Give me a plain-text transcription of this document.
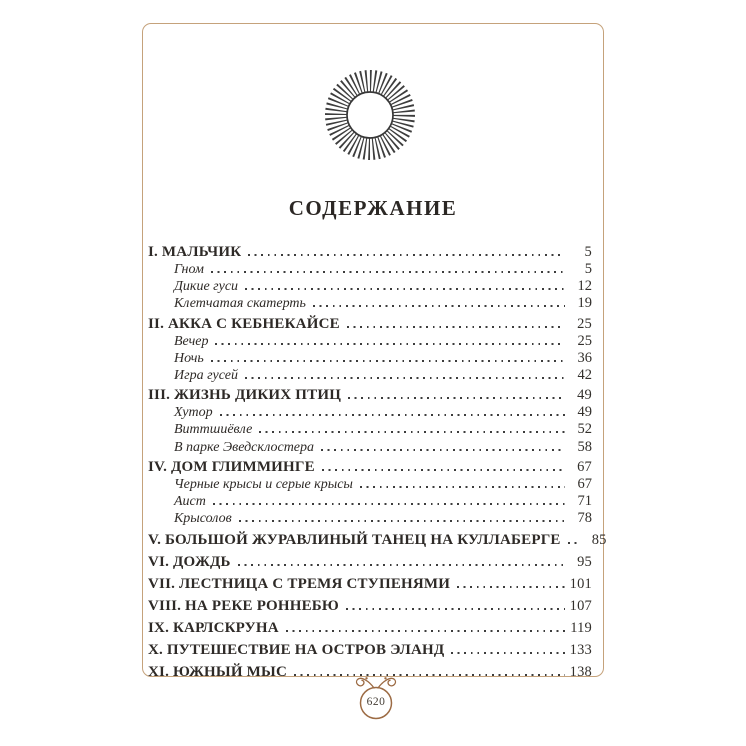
СОДЕРЖАНИЕ
I. МАЛЬЧИК	5
Гном	5
Дикие гуси	12
Клетчатая скатерть	19
II. АККА С КЕБНЕКАЙСЕ	25
Вечер	25
Ночь	36
Игра гусей	42
III. ЖИЗНЬ ДИКИХ ПТИЦ	49
Хутор	49
Виттшиёвле	52
В парке Эведсклостера	58
IV. ДОМ ГЛИММИНГЕ	67
Черные крысы и серые крысы	67
Аист	71
Крысолов	78
V. БОЛЬШОЙ ЖУРАВЛИНЫЙ ТАНЕЦ НА КУЛЛАБЕРГЕ	85
VI. ДОЖДЬ	95
VII. ЛЕСТНИЦА С ТРЕМЯ СТУПЕНЯМИ	101
VIII. НА РЕКЕ РОННЕБЮ	107
IX. КАРЛСКРУНА	119
X. ПУТЕШЕСТВИЕ НА ОСТРОВ ЭЛАНД	133
XI. ЮЖНЫЙ МЫС	138
620
